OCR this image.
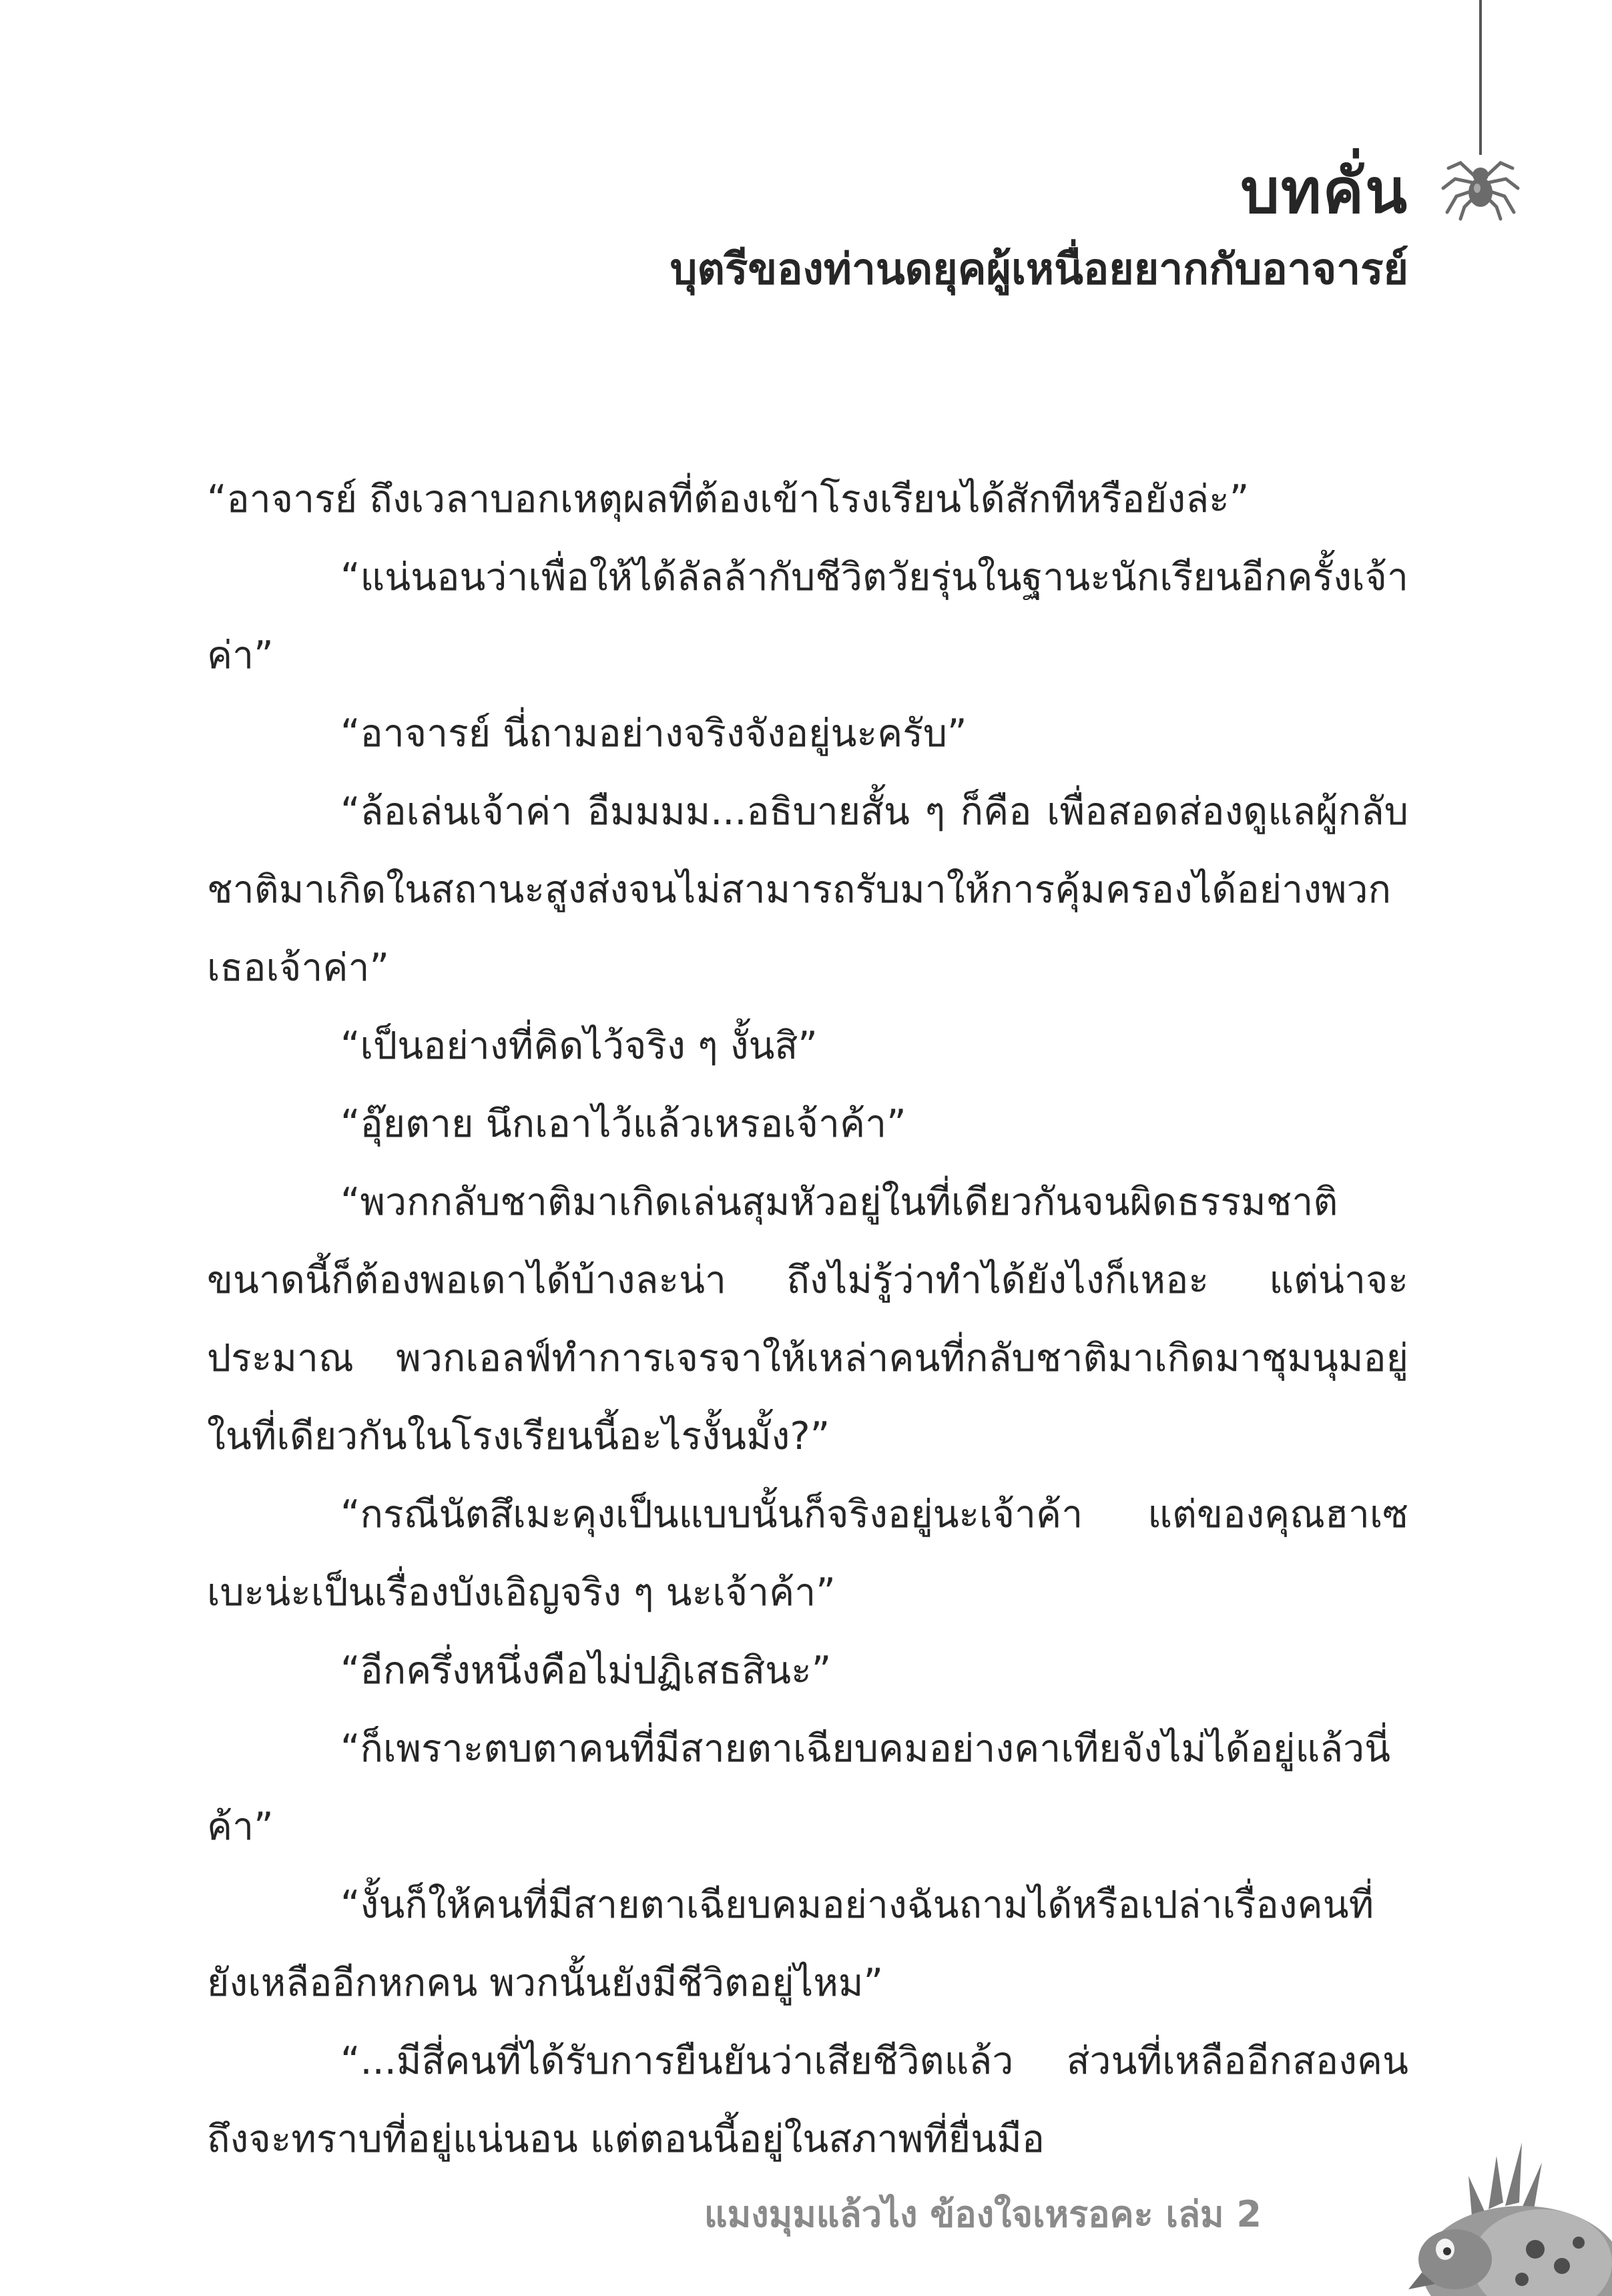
บทคั่น
บุตรีของท่านดยุคผู้เหนื่อยยากกับอาจารย์

“อาจารย์ ถึงเวลาบอกเหตุผลที่ต้องเข้าโรงเรียนได้สักทีหรือยังล่ะ”

“แน่นอนว่าเพื่อให้ได้ลัลล้ากับชีวิตวัยรุ่นในฐานะนักเรียนอีกครั้งเจ้าค่า”

“อาจารย์ นี่ถามอย่างจริงจังอยู่นะครับ”

“ล้อเล่นเจ้าค่า อืมมมม...อธิบายสั้น ๆ ก็คือ เพื่อสอดส่องดูแลผู้กลับชาติมาเกิดในสถานะสูงส่งจนไม่สามารถรับมาให้การคุ้มครองได้อย่างพวกเธอเจ้าค่า”

“เป็นอย่างที่คิดไว้จริง ๆ งั้นสิ”

“อุ๊ยตาย นึกเอาไว้แล้วเหรอเจ้าค้า”

“พวกกลับชาติมาเกิดเล่นสุมหัวอยู่ในที่เดียวกันจนผิดธรรมชาติขนาดนี้ก็ต้องพอเดาได้บ้างละน่า ถึงไม่รู้ว่าทำได้ยังไงก็เหอะ แต่น่าจะประมาณ พวกเอลฟ์ทำการเจรจาให้เหล่าคนที่กลับชาติมาเกิดมาชุมนุมอยู่ในที่เดียวกันในโรงเรียนนี้อะไรงั้นมั้ง?”

“กรณีนัตสึเมะคุงเป็นแบบนั้นก็จริงอยู่นะเจ้าค้า แต่ของคุณฮาเซเบะน่ะเป็นเรื่องบังเอิญจริง ๆ นะเจ้าค้า”

“อีกครึ่งหนึ่งคือไม่ปฏิเสธสินะ”

“ก็เพราะตบตาคนที่มีสายตาเฉียบคมอย่างคาเทียจังไม่ได้อยู่แล้วนี่ค้า”

“งั้นก็ให้คนที่มีสายตาเฉียบคมอย่างฉันถามได้หรือเปล่าเรื่องคนที่ยังเหลืออีกหกคน พวกนั้นยังมีชีวิตอยู่ไหม”

“...มีสี่คนที่ได้รับการยืนยันว่าเสียชีวิตแล้ว ส่วนที่เหลืออีกสองคน ถึงจะทราบที่อยู่แน่นอน แต่ตอนนี้อยู่ในสภาพที่ยื่นมือ

แมงมุมแล้วไง ข้องใจเหรอคะ เล่ม 2
